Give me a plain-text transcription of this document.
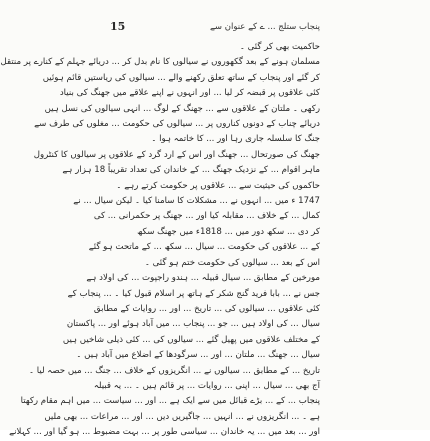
15	پنجاب ستلج ... ے کے عنوان سے
حاکمیت بھی کر گئی ۔
مسلمان ہونے کے بعد گکھوروں نے سیالوں کا نام بدل کر ... دریائے جہلم کے کنارے پر منتقل
کر گئے اور پنجاب کے ساتھ تعلق رکھنے والے ... سیالوں کی ریاستیں قائم ہوئیں
کئی علاقوں پر قبضہ کر لیا ... اور انہوں نے اپنے علاقے میں جھنگ کی بنیاد
رکھی ۔ ملتان کے علاقوں سے ... جھنگ کے لوگ ... انہی سیالوں کی نسل ہیں
دریائے چناب کے دونوں کناروں پر ... سیالوں کی حکومت ... مغلوں کی طرف سے
جنگ کا سلسلہ جاری رہا اور ... کا خاتمہ ہوا ۔
جھنگ کی صورتحال ... جھنگ اور اس کے ارد گرد کے علاقوں پر سیالوں کا کنٹرول
ماہر اقوام ... کے نزدیک جھنگ ... کے خاندان کی تعداد تقریباً 18 ہزار ہے
حاکموں کی حیثیت سے ... علاقوں پر حکومت کرتے رہے ۔
1747 ء میں ... انہوں نے ... مشکلات کا سامنا کیا ۔ لیکن سیال ... نے
کمال ... کے خلاف ... مقابلہ کیا اور ... جھنگ پر حکمرانی ... کی
کر دی ... سکھ دور میں ... 1818ء میں جھنگ سکھ
کے ... علاقوں کی حکومت ... سیال ... سکھ ... کے ماتحت ہو گئے
اس کے بعد ... سیالوں کی حکومت ختم ہو گئی ۔
مورخین کے مطابق ... سیال قبیلہ ... ہندو راجپوت ... کی اولاد ہے
جس نے ... بابا فرید گنج شکر کے ہاتھ پر اسلام قبول کیا ۔ ... پنجاب کے
کئی علاقوں ... سیالوں کی ... تاریخ ... اور ... روایات کے مطابق
سیال ... کی اولاد ہیں ... جو ... پنجاب ... میں آباد ہوئے اور ... پاکستان
کے مختلف علاقوں میں پھیل گئے ... سیالوں کی ... کئی ذیلی شاخیں ہیں
سیال ... جھنگ ... ملتان ... اور ... سرگودھا کے اضلاع میں آباد ہیں ۔
تاریخ ... کے مطابق ... سیالوں نے ... انگریزوں کے خلاف ... جنگ ... میں حصہ لیا ۔
آج بھی ... سیال ... اپنی ... روایات ... پر قائم ہیں ۔ ... یہ قبیلہ
پنجاب ... کے ... بڑے قبائل میں سے ایک ہے ... اور ... سیاست ... میں اہم مقام رکھتا
ہے ۔ ... انگریزوں نے ... انہیں ... جاگیریں دیں ... اور ... مراعات ... بھی ملیں
اور ... بعد میں ... یہ خاندان ... سیاسی طور پر ... بہت مضبوط ... ہو گیا اور ... کہلانے
